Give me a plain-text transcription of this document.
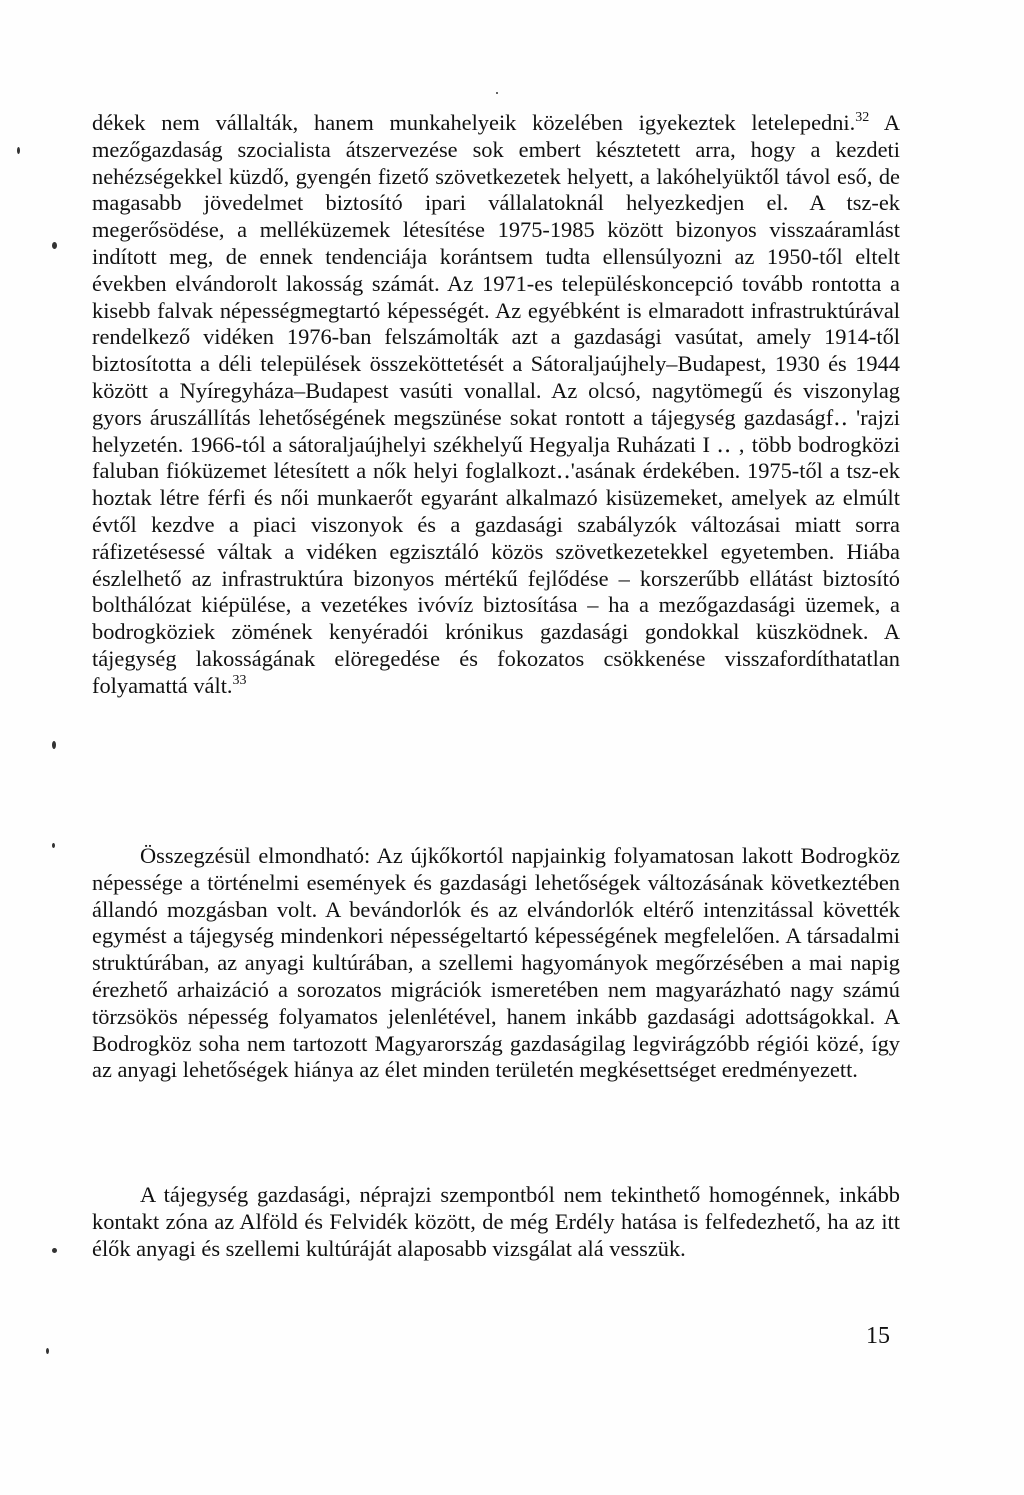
dékek nem vállalták, hanem munkahelyeik közelében igyekeztek letelepedni.$^{32}$ A mezőgazdaság szocialista átszervezése sok embert késztetett arra, hogy a kezdeti nehézségekkel küzdő, gyengén fizető szövetkezetek helyett, a lakóhelyüktől távol eső, de magasabb jövedelmet biztosító ipari vállalatoknál helyezkedjen el. A tsz-ek megerősödése, a melléküzemek létesítése 1975-1985 között bizonyos visszaáramlást indított meg, de ennek tendenciája korántsem tudta ellensúlyozni az 1950-től eltelt években elvándorolt lakosság számát. Az 1971-es településkoncepció tovább rontotta a kisebb falvak népességmegtartó képességét. Az egyébként is elmaradott infrastruktúrával rendelkező vidéken 1976-ban felszámolták azt a gazdasági vasútat, amely 1914-től biztosította a déli települések összeköttetését a Sátoraljaújhely–Budapest, 1930 és 1944 között a Nyíregyháza–Budapest vasúti vonallal. Az olcsó, nagytömegű és viszonylag gyors áruszállítás lehetőségének megszünése sokat rontott a tájegység gazdaságf‥ 'rajzi helyzetén. 1966-tól a sátoraljaújhelyi székhelyű Hegyalja Ruházati I ‥ ‚ több bodrogközi faluban fióküzemet létesített a nők helyi foglalkozt‥'asának érdekében. 1975-től a tsz-ek hoztak létre férfi és női munkaerőt egyaránt alkalmazó kisüzemeket, amelyek az elmúlt évtől kezdve a piaci viszonyok és a gazdasági szabályzók változásai miatt sorra ráfizetésessé váltak a vidéken egzisztáló közös szövetkezetekkel egyetemben. Hiába észlelhető az infrastruktúra bizonyos mértékű fejlődése – korszerűbb ellátást biztosító bolthálózat kiépülése, a vezetékes ivóvíz biztosítása – ha a mezőgazdasági üzemek, a bodrogköziek zömének kenyéradói krónikus gazdasági gondokkal küszködnek. A tájegység lakosságának elöregedése és fokozatos csökkenése visszafordíthatatlan folyamattá vált.$^{33}$

Összegzésül elmondható: Az újkőkortól napjainkig folyamatosan lakott Bodrogköz népessége a történelmi események és gazdasági lehetőségek változásának következtében állandó mozgásban volt. A bevándorlók és az elvándorlók eltérő intenzitással követték egymést a tájegység mindenkori népességeltartó képességének megfelelően. A társadalmi struktúrában, az anyagi kultúrában, a szellemi hagyományok megőrzésében a mai napig érezhető arhaizáció a sorozatos migrációk ismeretében nem magyarázható nagy számú törzsökös népesség folyamatos jelenlétével, hanem inkább gazdasági adottságokkal. A Bodrogköz soha nem tartozott Magyarország gazdaságilag legvirágzóbb régiói közé, így az anyagi lehetőségek hiánya az élet minden területén megkésettséget eredményezett.

A tájegység gazdasági, néprajzi szempontból nem tekinthető homogénnek, inkább kontakt zóna az Alföld és Felvidék között, de még Erdély hatása is felfedezhető, ha az itt élők anyagi és szellemi kultúráját alaposabb vizsgálat alá vesszük.

15
